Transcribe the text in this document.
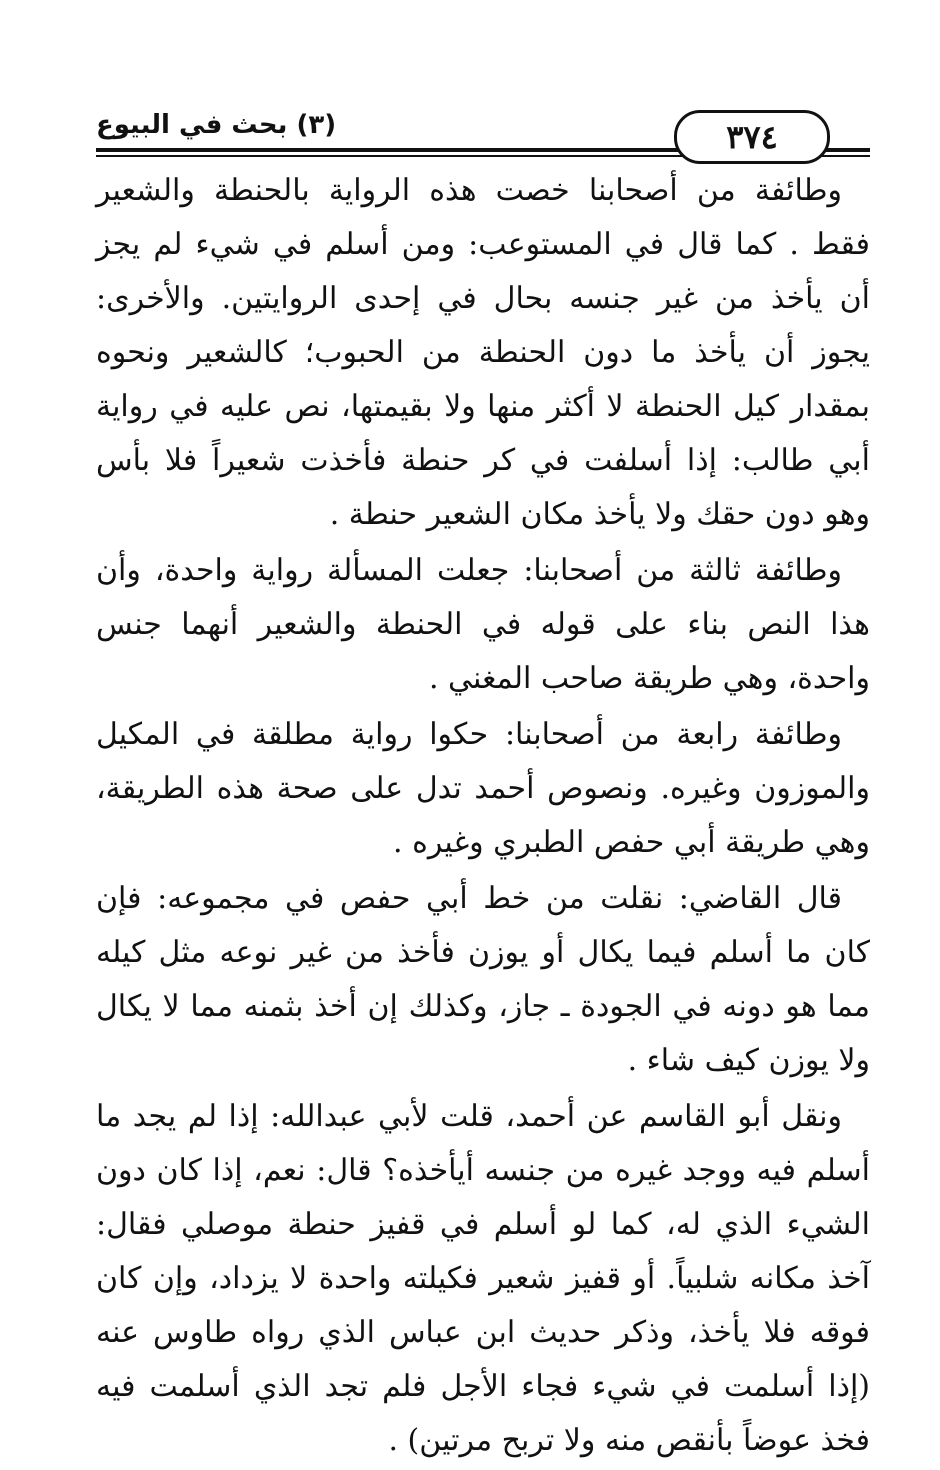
(٣) بحث في البيوع	٣٧٤

وطائفة من أصحابنا خصت هذه الرواية بالحنطة والشعير فقط . كما قال في المستوعب: ومن أسلم في شيء لم يجز أن يأخذ من غير جنسه بحال في إحدى الروايتين. والأخرى: يجوز أن يأخذ ما دون الحنطة من الحبوب؛ كالشعير ونحوه بمقدار كيل الحنطة لا أكثر منها ولا بقيمتها، نص عليه في رواية أبي طالب: إذا أسلفت في كر حنطة فأخذت شعيراً فلا بأس وهو دون حقك ولا يأخذ مكان الشعير حنطة .

وطائفة ثالثة من أصحابنا: جعلت المسألة رواية واحدة، وأن هذا النص بناء على قوله في الحنطة والشعير أنهما جنس واحدة، وهي طريقة صاحب المغني .

وطائفة رابعة من أصحابنا: حكوا رواية مطلقة في المكيل والموزون وغيره. ونصوص أحمد تدل على صحة هذه الطريقة، وهي طريقة أبي حفص الطبري وغيره .

قال القاضي: نقلت من خط أبي حفص في مجموعه: فإن كان ما أسلم فيما يكال أو يوزن فأخذ من غير نوعه مثل كيله مما هو دونه في الجودة ـ جاز، وكذلك إن أخذ بثمنه مما لا يكال ولا يوزن كيف شاء .

ونقل أبو القاسم عن أحمد، قلت لأبي عبدالله: إذا لم يجد ما أسلم فيه ووجد غيره من جنسه أيأخذه؟ قال: نعم، إذا كان دون الشيء الذي له، كما لو أسلم في قفيز حنطة موصلي فقال: آخذ مكانه شلبياً. أو قفيز شعير فكيلته واحدة لا يزداد، وإن كان فوقه فلا يأخذ، وذكر حديث ابن عباس الذي رواه طاوس عنه (إذا أسلمت في شيء فجاء الأجل فلم تجد الذي أسلمت فيه فخذ عوضاً بأنقص منه ولا تربح مرتين) .
